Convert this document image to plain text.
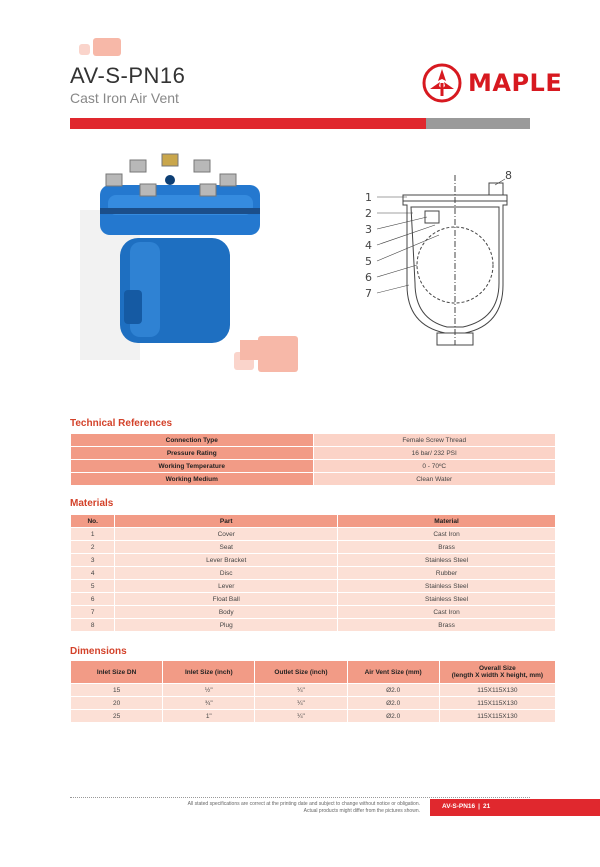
AV-S-PN16
Cast Iron Air Vent
MAPLE
1
2
3
4
5
6
7
8
Technical References
Connection Type	Female Screw Thread
Pressure Rating	16 bar/ 232 PSI
Working Temperature	0 - 70ºC
Working Medium	Clean Water
Materials
No.	Part	Material
1	Cover	Cast Iron
2	Seat	Brass
3	Lever Bracket	Stainless Steel
4	Disc	Rubber
5	Lever	Stainless Steel
6	Float Ball	Stainless Steel
7	Body	Cast Iron
8	Plug	Brass
Dimensions
Inlet Size DN	Inlet Size (inch)	Outlet Size (inch)	Air Vent Size (mm)	Overall Size
(length X width X height, mm)
15	½"	¼"	Ø2.0	115X115X130
20	¾"	¼"	Ø2.0	115X115X130
25	1"	¼"	Ø2.0	115X115X130
All stated specifications are correct at the printing date and subject to change without notice or obligation.
Actual products might differ from the pictures shown.
AV-S-PN16 | 21
